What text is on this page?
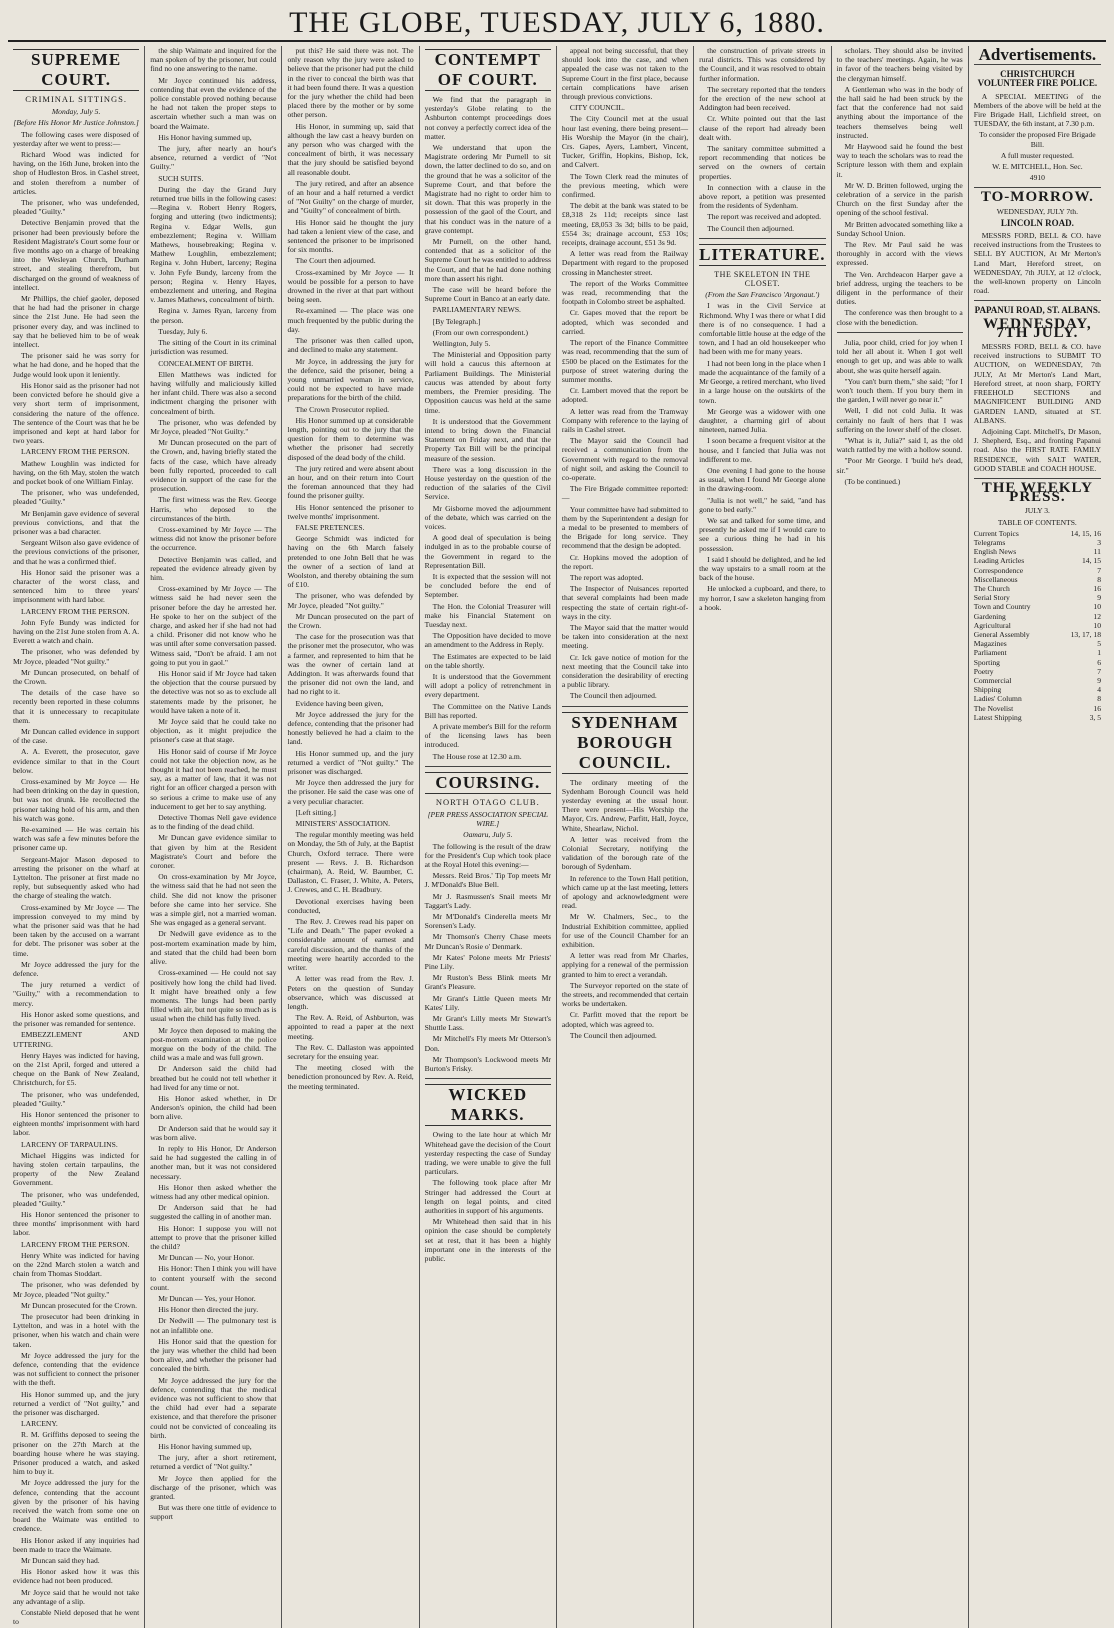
THE GLOBE, TUESDAY, JULY 6, 1880.
SUPREME COURT.
CRIMINAL SITTINGS.
Monday, July 5.
[Before His Honor Mr Justice Johnston.]

The following cases were disposed of yesterday after we went to press:—

Richard Wood was indicted for having, on the 16th June, broken into the shop of Hudleston Bros. in Cashel street, and stolen therefrom a number of articles.

The prisoner, who was undefended, pleaded "Guilty."

Detective Benjamin proved that the prisoner had been previously before the Resident Magistrate's Court some four or five months ago on a charge of breaking into the Wesleyan Church, Durham street, and stealing therefrom, but discharged on the ground of weakness of intellect.

Mr Phillips, the chief gaoler, deposed that he had had the prisoner in charge since the 21st June. He had seen the prisoner every day, and was inclined to say that he believed him to be of weak intellect.

The prisoner said he was sorry for what he had done, and he hoped that the Judge would look upon it leniently.

His Honor said as the prisoner had not been convicted before he should give a very short term of imprisonment, considering the nature of the offence. The sentence of the Court was that he be imprisoned and kept at hard labor for two years.

LARCENY FROM THE PERSON.

Mathew Loughlin was indicted for having, on the 6th May, stolen the watch and pocket book of one William Finlay.

The prisoner, who was undefended, pleaded "Guilty."

Mr Benjamin gave evidence of several previous convictions, and that the prisoner was a bad character.

Sergeant Wilson also gave evidence of the previous convictions of the prisoner, and that he was a confirmed thief.

His Honor said the prisoner was a character of the worst class, and sentenced him to three years' imprisonment with hard labor.

LARCENY FROM THE PERSON.

John Fyfe Bundy was indicted for having on the 21st June stolen from A. A. Everett a watch and chain.

The prisoner, who was defended by Mr Joyce, pleaded "Not guilty."

Mr Duncan prosecuted, on behalf of the Crown.

The details of the case have so recently been reported in these columns that it is unnecessary to recapitulate them.

Mr Duncan called evidence in support of the case.

A. A. Everett, the prosecutor, gave evidence similar to that in the Court below.

Cross-examined by Mr Joyce — He had been drinking on the day in question, but was not drunk. He recollected the prisoner taking hold of his arm, and then his watch was gone.

Re-examined — He was certain his watch was safe a few minutes before the prisoner came up.

Sergeant-Major Mason deposed to arresting the prisoner on the wharf at Lyttelton. The prisoner at first made no reply, but subsequently asked who had the charge of stealing the watch.

Cross-examined by Mr Joyce — The impression conveyed to my mind by what the prisoner said was that he had been taken by the accused on a warrant for debt. The prisoner was sober at the time.

Mr Joyce addressed the jury for the defence.

The jury returned a verdict of "Guilty," with a recommendation to mercy.

His Honor asked some questions, and the prisoner was remanded for sentence.

EMBEZZLEMENT AND UTTERING.

Henry Hayes was indicted for having, on the 21st April, forged and uttered a cheque on the Bank of New Zealand, Christchurch, for £5.

The prisoner, who was undefended, pleaded "Guilty."

His Honor sentenced the prisoner to eighteen months' imprisonment with hard labor.

LARCENY OF TARPAULINS.

Michael Higgins was indicted for having stolen certain tarpaulins, the property of the New Zealand Government.

The prisoner, who was undefended, pleaded "Guilty."

His Honor sentenced the prisoner to three months' imprisonment with hard labor.

LARCENY FROM THE PERSON.

Henry White was indicted for having on the 22nd March stolen a watch and chain from Thomas Stoddart.

The prisoner, who was defended by Mr Joyce, pleaded "Not guilty."

Mr Duncan prosecuted for the Crown.

The prosecutor had been drinking in Lyttelton, and was in a hotel with the prisoner, when his watch and chain were taken.

Mr Joyce addressed the jury for the defence, contending that the evidence was not sufficient to connect the prisoner with the theft.

His Honor summed up, and the jury returned a verdict of "Not guilty," and the prisoner was discharged.

LARCENY.

R. M. Griffiths deposed to seeing the prisoner on the 27th March at the boarding house where he was staying. Prisoner produced a watch, and asked him to buy it.

Mr Joyce addressed the jury for the defence, contending that the account given by the prisoner of his having received the watch from some one on board the Waimate was entitled to credence.

His Honor asked if any inquiries had been made to trace the Waimate.

Mr Duncan said they had.

His Honor asked how it was this evidence had not been produced.

Mr Joyce said that he would not take any advantage of a slip.

Constable Nield deposed that he went to

the ship Waimate and inquired for the man spoken of by the prisoner, but could find no one answering to the name.

Mr Joyce continued his address, contending that even the evidence of the police constable proved nothing because he had not taken the proper steps to ascertain whether such a man was on board the Waimate.

His Honor having summed up,

The jury, after nearly an hour's absence, returned a verdict of "Not Guilty."

SUCH SUITS.

During the day the Grand Jury returned true bills in the following cases:—Regina v. Robert Henry Rogers, forging and uttering (two indictments); Regina v. Edgar Wells, gun embezzlement; Regina v. William Mathews, housebreaking; Regina v. Mathew Loughlin, embezzlement; Regina v. John Hubert, larceny; Regina v. John Fyfe Bundy, larceny from the person; Regina v. Henry Hayes, embezzlement and uttering, and Regina v. James Mathews, concealment of birth.

Regina v. James Ryan, larceny from the person.

Tuesday, July 6.

The sitting of the Court in its criminal jurisdiction was resumed.

CONCEALMENT OF BIRTH.

Ellen Matthews was indicted for having wilfully and maliciously killed her infant child. There was also a second indictment charging the prisoner with concealment of birth.

The prisoner, who was defended by Mr Joyce, pleaded "Not Guilty."

Mr Duncan prosecuted on the part of the Crown, and, having briefly stated the facts of the case, which have already been fully reported, proceeded to call evidence in support of the case for the prosecution.

The first witness was the Rev. George Harris, who deposed to the circumstances of the birth.

Cross-examined by Mr Joyce — The witness did not know the prisoner before the occurrence.

Detective Benjamin was called, and repeated the evidence already given by him.

Cross-examined by Mr Joyce — The witness said he had never seen the prisoner before the day he arrested her. He spoke to her on the subject of the charge, and asked her if she had not had a child. Prisoner did not know who he was until after some conversation passed. Witness said, "Don't be afraid. I am not going to put you in gaol."

His Honor said if Mr Joyce had taken the objection that the course pursued by the detective was not so as to exclude all statements made by the prisoner, he would have taken a note of it.

Mr Joyce said that he could take no objection, as it might prejudice the prisoner's case at that stage.

His Honor said of course if Mr Joyce could not take the objection now, as he thought it had not been reached, he must say, as a matter of law, that it was not right for an officer charged a person with so serious a crime to make use of any inducement to get her to say anything.

Detective Thomas Nell gave evidence as to the finding of the dead child.

Mr Duncan gave evidence similar to that given by him at the Resident Magistrate's Court and before the coroner.

On cross-examination by Mr Joyce, the witness said that he had not seen the child. She did not know the prisoner before she came into her service. She was a simple girl, not a married woman. She was engaged as a general servant.

Dr Nedwill gave evidence as to the post-mortem examination made by him, and stated that the child had been born alive.

Cross-examined — He could not say positively how long the child had lived. It might have breathed only a few moments. The lungs had been partly filled with air, but not quite so much as is usual when the child has fully lived.

Mr Joyce then deposed to making the post-mortem examination at the police morgue on the body of the child. The child was a male and was full grown.

Dr Anderson said the child had breathed but he could not tell whether it had lived for any time or not.

His Honor asked whether, in Dr Anderson's opinion, the child had been born alive.

Dr Anderson said that he would say it was born alive.

In reply to His Honor, Dr Anderson said he had suggested the calling in of another man, but it was not considered necessary.

His Honor then asked whether the witness had any other medical opinion.

Dr Anderson said that he had suggested the calling in of another man.

His Honor: I suppose you will not attempt to prove that the prisoner killed the child?

Mr Duncan — No, your Honor.

His Honor: Then I think you will have to content yourself with the second count.

Mr Duncan — Yes, your Honor.

His Honor then directed the jury.

Dr Nedwill — The pulmonary test is not an infallible one.

His Honor said that the question for the jury was whether the child had been born alive, and whether the prisoner had concealed the birth.

Mr Joyce addressed the jury for the defence, contending that the medical evidence was not sufficient to show that the child had ever had a separate existence, and that therefore the prisoner could not be convicted of concealing its birth.

His Honor having summed up,

The jury, after a short retirement, returned a verdict of "Not guilty."

Mr Joyce then applied for the discharge of the prisoner, which was granted.

But was there one tittle of evidence to support

put this? He said there was not. The only reason why the jury were asked to believe that the prisoner had put the child in the river to conceal the birth was that it had been found there. It was a question for the jury whether the child had been placed there by the mother or by some other person.

His Honor, in summing up, said that although the law cast a heavy burden on any person who was charged with the concealment of birth, it was necessary that the jury should be satisfied beyond all reasonable doubt.

The jury retired, and after an absence of an hour and a half returned a verdict of "Not Guilty" on the charge of murder, and "Guilty" of concealment of birth.

His Honor said he thought the jury had taken a lenient view of the case, and sentenced the prisoner to be imprisoned for six months.

The Court then adjourned.

Cross-examined by Mr Joyce — It would be possible for a person to have drowned in the river at that part without being seen.

Re-examined — The place was one much frequented by the public during the day.

The prisoner was then called upon, and declined to make any statement.

Mr Joyce, in addressing the jury for the defence, said the prisoner, being a young unmarried woman in service, could not be expected to have made preparations for the birth of the child.

The Crown Prosecutor replied.

His Honor summed up at considerable length, pointing out to the jury that the question for them to determine was whether the prisoner had secretly disposed of the dead body of the child.

The jury retired and were absent about an hour, and on their return into Court the foreman announced that they had found the prisoner guilty.

His Honor sentenced the prisoner to twelve months' imprisonment.

FALSE PRETENCES.

George Schmidt was indicted for having on the 6th March falsely pretended to one John Bell that he was the owner of a section of land at Woolston, and thereby obtaining the sum of £10.

The prisoner, who was defended by Mr Joyce, pleaded "Not guilty."

Mr Duncan prosecuted on the part of the Crown.

The case for the prosecution was that the prisoner met the prosecutor, who was a farmer, and represented to him that he was the owner of certain land at Addington. It was afterwards found that the prisoner did not own the land, and had no right to it.

Evidence having been given,

Mr Joyce addressed the jury for the defence, contending that the prisoner had honestly believed he had a claim to the land.

His Honor summed up, and the jury returned a verdict of "Not guilty." The prisoner was discharged.

Mr Joyce then addressed the jury for the prisoner. He said the case was one of a very peculiar character.

[Left sitting.]

MINISTERS' ASSOCIATION.

The regular monthly meeting was held on Monday, the 5th of July, at the Baptist Church, Oxford terrace. There were present — Revs. J. B. Richardson (chairman), A. Reid, W. Baumber, C. Dallaston, C. Fraser, J. White, A. Peters, J. Crewes, and C. H. Bradbury.

Devotional exercises having been conducted,

The Rev. J. Crewes read his paper on "Life and Death." The paper evoked a considerable amount of earnest and careful discussion, and the thanks of the meeting were heartily accorded to the writer.

A letter was read from the Rev. J. Peters on the question of Sunday observance, which was discussed at length.

The Rev. A. Reid, of Ashburton, was appointed to read a paper at the next meeting.

The Rev. C. Dallaston was appointed secretary for the ensuing year.

The meeting closed with the benediction pronounced by Rev. A. Reid, the meeting terminated.

CONTEMPT OF COURT.

We find that the paragraph in yesterday's Globe relating to the Ashburton contempt proceedings does not convey a perfectly correct idea of the matter.

We understand that upon the Magistrate ordering Mr Purnell to sit down, the latter declined to do so, and on the ground that he was a solicitor of the Supreme Court, and that before the Magistrate had no right to order him to sit down. That this was properly in the possession of the gaol of the Court, and that his conduct was in the nature of a grave contempt.

Mr Purnell, on the other hand, contended that as a solicitor of the Supreme Court he was entitled to address the Court, and that he had done nothing more than assert his right.

The case will be heard before the Supreme Court in Banco at an early date.

PARLIAMENTARY NEWS.

[By Telegraph.]

(From our own correspondent.)

Wellington, July 5.

The Ministerial and Opposition party will hold a caucus this afternoon at Parliament Buildings. The Ministerial caucus was attended by about forty members, the Premier presiding. The Opposition caucus was held at the same time.

It is understood that the Government intend to bring down the Financial Statement on Friday next, and that the Property Tax Bill will be the principal measure of the session.

There was a long discussion in the House yesterday on the question of the reduction of the salaries of the Civil Service.

Mr Gisborne moved the adjournment of the debate, which was carried on the voices.

A good deal of speculation is being indulged in as to the probable course of the Government in regard to the Representation Bill.

It is expected that the session will not be concluded before the end of September.

The Hon. the Colonial Treasurer will make his Financial Statement on Tuesday next.

The Opposition have decided to move an amendment to the Address in Reply.

The Estimates are expected to be laid on the table shortly.

It is understood that the Government will adopt a policy of retrenchment in every department.

The Committee on the Native Lands Bill has reported.

A private member's Bill for the reform of the licensing laws has been introduced.

The House rose at 12.30 a.m.

COURSING.
NORTH OTAGO CLUB.
[PER PRESS ASSOCIATION SPECIAL WIRE.]
Oamaru, July 5.

The following is the result of the draw for the President's Cup which took place at the Royal Hotel this evening:—

Messrs. Reid Bros.' Tip Top meets Mr J. M'Donald's Blue Bell.

Mr J. Rasmussen's Snail meets Mr Taggart's Lady.

Mr M'Donald's Cinderella meets Mr Sorensen's Lady.

Mr Thomson's Cherry Chase meets Mr Duncan's Rosie o' Denmark.

Mr Kates' Polone meets Mr Priests' Pine Lily.

Mr Ruston's Bess Blink meets Mr Grant's Pleasure.

Mr Grant's Little Queen meets Mr Kates' Lily.

Mr Grant's Lilly meets Mr Stewart's Shuttle Lass.

Mr Mitchell's Fly meets Mr Otterson's Don.

Mr Thompson's Lockwood meets Mr Burton's Frisky.

WICKED MARKS.

Owing to the late hour at which Mr Whitehead gave the decision of the Court yesterday respecting the case of Sunday trading, we were unable to give the full particulars.

The following took place after Mr Stringer had addressed the Court at length on legal points, and cited authorities in support of his arguments.

Mr Whitehead then said that in his opinion the case should be completely set at rest, that it has been a highly important one in the interests of the public.

appeal not being successful, that they should look into the case, and when appealed the case was not taken to the Supreme Court in the first place, because certain complications have arisen through previous convictions.

CITY COUNCIL.

The City Council met at the usual hour last evening, there being present—His Worship the Mayor (in the chair), Crs. Gapes, Ayers, Lambert, Vincent, Tucker, Griffin, Hopkins, Bishop, Ick, and Calvert.

The Town Clerk read the minutes of the previous meeting, which were confirmed.

The debit at the bank was stated to be £8,318 2s 11d; receipts since last meeting, £8,053 3s 3d; bills to be paid, £554 3s; drainage account, £53 10s; receipts, drainage account, £51 3s 9d.

A letter was read from the Railway Department with regard to the proposed crossing in Manchester street.

The report of the Works Committee was read, recommending that the footpath in Colombo street be asphalted.

Cr. Gapes moved that the report be adopted, which was seconded and carried.

The report of the Finance Committee was read, recommending that the sum of £500 be placed on the Estimates for the purpose of street watering during the summer months.

Cr. Lambert moved that the report be adopted.

A letter was read from the Tramway Company with reference to the laying of rails in Cashel street.

The Mayor said the Council had received a communication from the Government with regard to the removal of night soil, and asking the Council to co-operate.

The Fire Brigade committee reported:—

Your committee have had submitted to them by the Superintendent a design for a medal to be presented to members of the Brigade for long service. They recommend that the design be adopted.

Cr. Hopkins moved the adoption of the report.

The report was adopted.

The Inspector of Nuisances reported that several complaints had been made respecting the state of certain right-of-ways in the city.

The Mayor said that the matter would be taken into consideration at the next meeting.

Cr. Ick gave notice of motion for the next meeting that the Council take into consideration the desirability of erecting a public library.

The Council then adjourned.

SYDENHAM BOROUGH COUNCIL.

The ordinary meeting of the Sydenham Borough Council was held yesterday evening at the usual hour. There were present—His Worship the Mayor, Crs. Andrew, Parfitt, Hall, Joyce, White, Shearlaw, Nichol.

A letter was received from the Colonial Secretary, notifying the validation of the borough rate of the borough of Sydenham.

In reference to the Town Hall petition, which came up at the last meeting, letters of apology and acknowledgment were read.

Mr W. Chalmers, Sec., to the Industrial Exhibition committee, applied for use of the Council Chamber for an exhibition.

A letter was read from Mr Charles, applying for a renewal of the permission granted to him to erect a verandah.

The Surveyor reported on the state of the streets, and recommended that certain works be undertaken.

Cr. Parfitt moved that the report be adopted, which was agreed to.

The Council then adjourned.

the construction of private streets in rural districts. This was considered by the Council, and it was resolved to obtain further information.

The secretary reported that the tenders for the erection of the new school at Addington had been received.

Cr. White pointed out that the last clause of the report had already been dealt with.

The sanitary committee submitted a report recommending that notices be served on the owners of certain properties.

In connection with a clause in the above report, a petition was presented from the residents of Sydenham.

The report was received and adopted.

The Council then adjourned.

LITERATURE.
THE SKELETON IN THE CLOSET.
(From the San Francisco 'Argonaut.')

I was in the Civil Service at Richmond. Why I was there or what I did there is of no consequence. I had a comfortable little house at the edge of the town, and I had an old housekeeper who had been with me for many years.

I had not been long in the place when I made the acquaintance of the family of a Mr George, a retired merchant, who lived in a large house on the outskirts of the town.

Mr George was a widower with one daughter, a charming girl of about nineteen, named Julia.

I soon became a frequent visitor at the house, and I fancied that Julia was not indifferent to me.

One evening I had gone to the house as usual, when I found Mr George alone in the drawing-room.

"Julia is not well," he said, "and has gone to bed early."

We sat and talked for some time, and presently he asked me if I would care to see a curious thing he had in his possession.

I said I should be delighted, and he led the way upstairs to a small room at the back of the house.

He unlocked a cupboard, and there, to my horror, I saw a skeleton hanging from a hook.

scholars. They should also be invited to the teachers' meetings. Again, he was in favor of the teachers being visited by the clergyman himself.

A Gentleman who was in the body of the hall said he had been struck by the fact that the conference had not said anything about the importance of the teachers themselves being well instructed.

Mr Haywood said he found the best way to teach the scholars was to read the Scripture lesson with them and explain it.

Mr W. D. Britten followed, urging the celebration of a service in the parish Church on the first Sunday after the opening of the school festival.

Mr Britten advocated something like a Sunday School Union.

The Rev. Mr Paul said he was thoroughly in accord with the views expressed.

The Ven. Archdeacon Harper gave a brief address, urging the teachers to be diligent in the performance of their duties.

The conference was then brought to a close with the benediction.

Julia, poor child, cried for joy when I told her all about it. When I got well enough to get up, and was able to walk about, she was quite herself again.

"You can't burn them," she said; "for I won't touch them. If you bury them in the garden, I will never go near it."

Well, I did not cold Julia. It was certainly no fault of hers that I was suffering on the lower shelf of the closet.

"What is it, Julia?" said I, as the old watch rattled by me with a hollow sound.

"Poor Mr George. I 'build he's dead, sir."

(To be continued.)

Advertisements.
CHRISTCHURCH VOLUNTEER FIRE POLICE.

A SPECIAL MEETING of the Members of the above will be held at the Fire Brigade Hall, Lichfield street, on TUESDAY, the 6th instant, at 7.30 p.m.

To consider the proposed Fire Brigade Bill.
A full muster requested.
W. E. MITCHELL, Hon. Sec.
4910
TO-MORROW.
WEDNESDAY, JULY 7th.
LINCOLN ROAD.

MESSRS FORD, BELL & CO. have received instructions from the Trustees to SELL BY AUCTION, At Mr Merton's Land Mart, Hereford street, on WEDNESDAY, 7th JULY, at 12 o'clock, the well-known property on Lincoln road.

PAPANUI ROAD, ST. ALBANS.
WEDNESDAY, 7TH JULY.

MESSRS FORD, BELL & CO. have received instructions to SUBMIT TO AUCTION, on WEDNESDAY, 7th JULY, At Mr Merton's Land Mart, Hereford street, at noon sharp, FORTY FREEHOLD SECTIONS and MAGNIFICENT BUILDING AND GARDEN LAND, situated at ST. ALBANS.

Adjoining Capt. Mitchell's, Dr Mason, J. Shepherd, Esq., and fronting Papanui road. Also the FIRST RATE FAMILY RESIDENCE, with SALT WATER, GOOD STABLE and COACH HOUSE.

THE WEEKLY PRESS.
JULY 3.
TABLE OF CONTENTS.
Current Topics	14, 15, 16
Telegrams	3
English News	11
Leading Articles	14, 15
Correspondence	7
Miscellaneous	8
The Church	16
Serial Story	9
Town and Country	10
Gardening	12
Agricultural	10
General Assembly	13, 17, 18
Magazines	5
Parliament	1
Sporting	6
Poetry	7
Commercial	9
Shipping	4
Ladies' Column	8
The Novelist	16
Latest Shipping	3, 5
